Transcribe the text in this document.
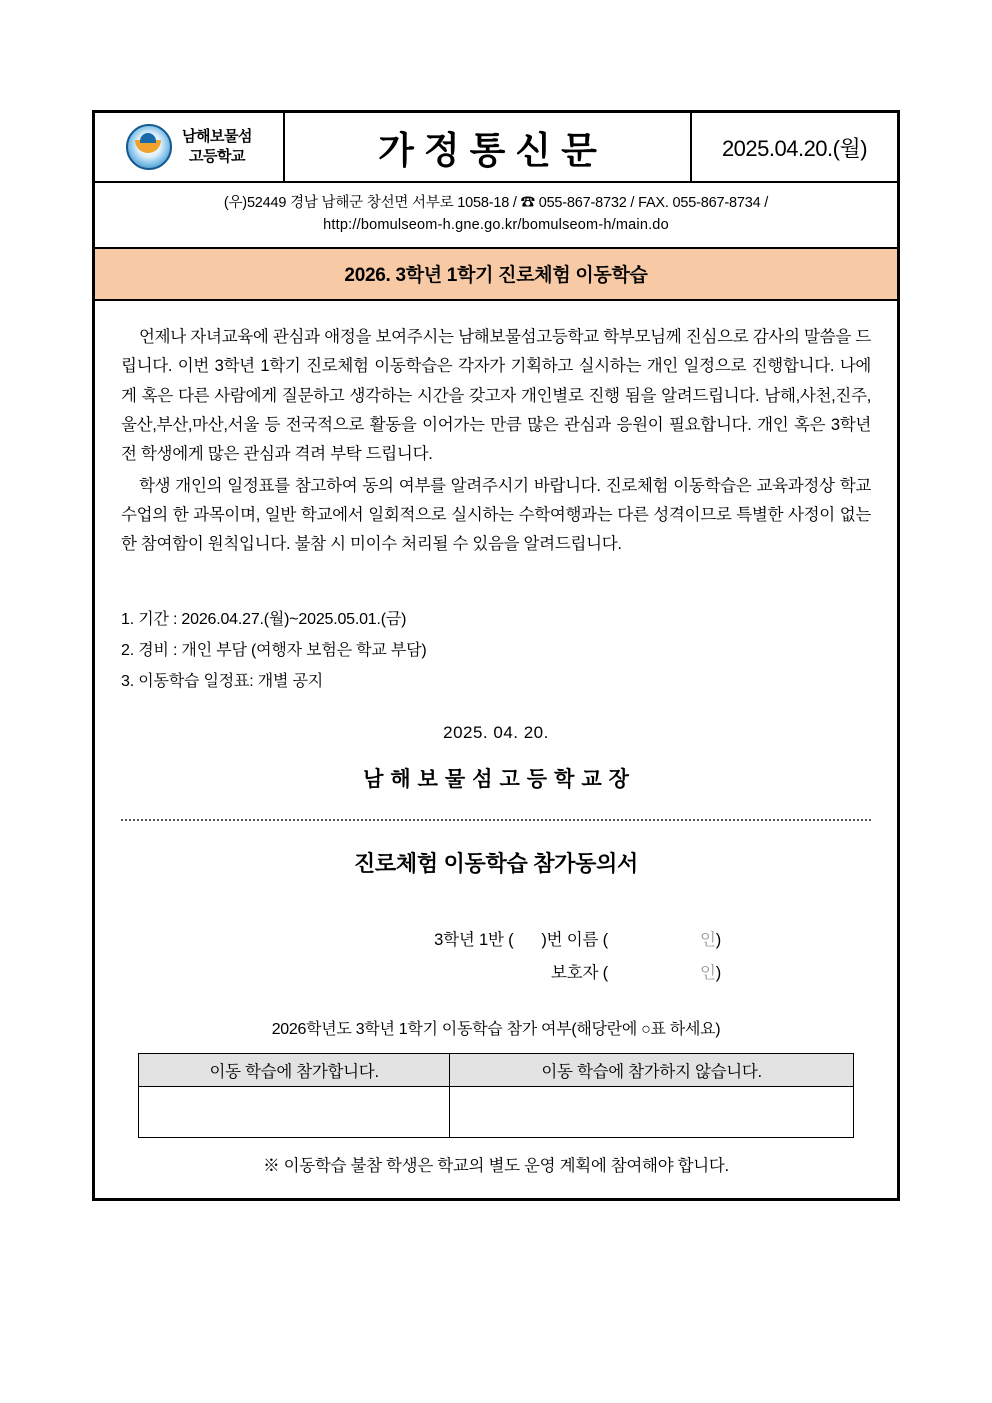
남해보물섬
고등학교	가정통신문	2025.04.20.(월)
(우)52449 경남 남해군 창선면 서부로 1058-18 / ☎ 055-867-8732 / FAX. 055-867-8734 /
http://bomulseom-h.gne.go.kr/bomulseom-h/main.do
2026. 3학년 1학기 진로체험 이동학습

언제나 자녀교육에 관심과 애정을 보여주시는 남해보물섬고등학교 학부모님께 진심으로 감사의 말씀을 드립니다. 이번 3학년 1학기 진로체험 이동학습은 각자가 기획하고 실시하는 개인 일정으로 진행합니다. 나에게 혹은 다른 사람에게 질문하고 생각하는 시간을 갖고자 개인별로 진행 됨을 알려드립니다. 남해,사천,진주,울산,부산,마산,서울 등 전국적으로 활동을 이어가는 만큼 많은 관심과 응원이 필요합니다. 개인 혹은 3학년 전 학생에게 많은 관심과 격려 부탁 드립니다.

학생 개인의 일정표를 참고하여 동의 여부를 알려주시기 바랍니다. 진로체험 이동학습은 교육과정상 학교 수업의 한 과목이며, 일반 학교에서 일회적으로 실시하는 수학여행과는 다른 성격이므로 특별한 사정이 없는 한 참여함이 원칙입니다. 불참 시 미이수 처리될 수 있음을 알려드립니다.

1. 기간 : 2026.04.27.(월)~2025.05.01.(금)
2. 경비 : 개인 부담 (여행자 보험은 학교 부담)
3. 이동학습 일정표: 개별 공지
2025. 04. 20.
남해보물섬고등학교장
진로체험 이동학습 참가동의서
3학년 1반 ( )번 이름 (	인)
보호자 (	인)
2026학년도 3학년 1학기 이동학습 참가 여부(해당란에 ○표 하세요)
이동 학습에 참가합니다.	이동 학습에 참가하지 않습니다.

※ 이동학습 불참 학생은 학교의 별도 운영 계획에 참여해야 합니다.
